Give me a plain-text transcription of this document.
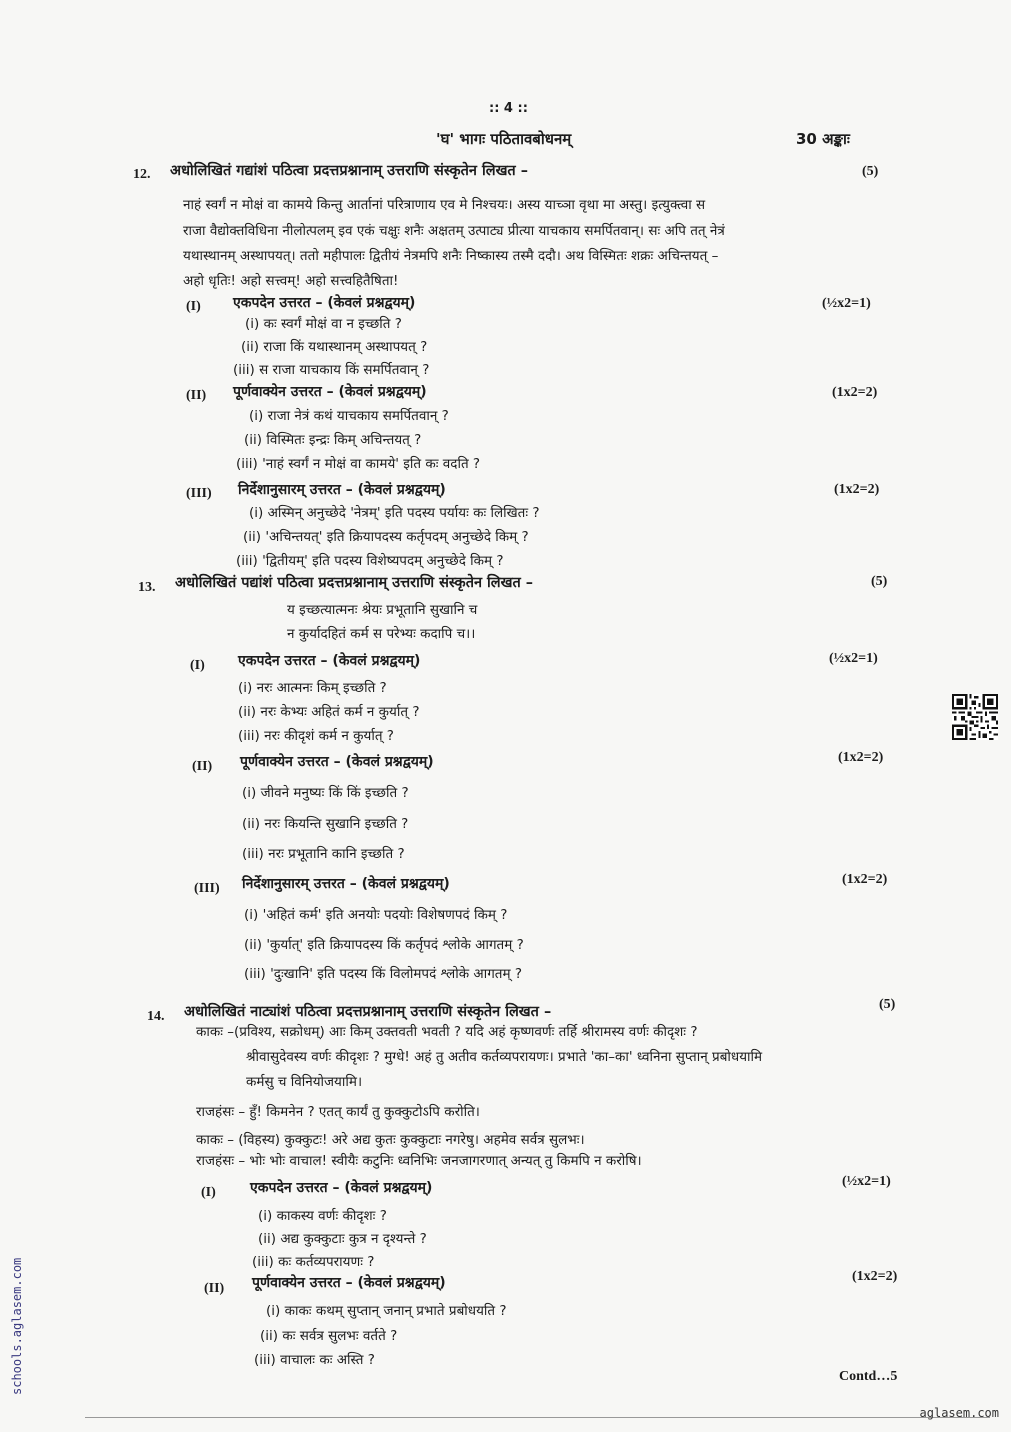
:: 4 ::
'घ' भागः पठितावबोधनम्	30 अङ्काः
12. अधोलिखितं गद्यांशं पठित्वा प्रदत्तप्रश्नानाम् उत्तराणि संस्कृतेन लिखत –	(5)
नाहं स्वर्गं न मोक्षं वा कामये किन्तु आर्तानां परित्राणाय एव मे निश्चयः। अस्य याच्ञा वृथा मा अस्तु। इत्युक्त्वा स
राजा वैद्योक्तविधिना नीलोत्पलम् इव एकं चक्षुः शनैः अक्षतम् उत्पाट्य प्रीत्या याचकाय समर्पितवान्। सः अपि तत् नेत्रं
यथास्थानम् अस्थापयत्। ततो महीपालः द्वितीयं नेत्रमपि शनैः निष्कास्य तस्मै ददौ। अथ विस्मितः शक्रः अचिन्तयत् –
अहो धृतिः! अहो सत्त्वम्! अहो सत्त्वहितैषिता!
(I) एकपदेन उत्तरत – (केवलं प्रश्नद्वयम्)	(½x2=1)
(i) कः स्वर्गं मोक्षं वा न इच्छति ?
(ii) राजा किं यथास्थानम् अस्थापयत् ?
(iii) स राजा याचकाय किं समर्पितवान् ?
(II) पूर्णवाक्येन उत्तरत – (केवलं प्रश्नद्वयम्)	(1x2=2)
(i) राजा नेत्रं कथं याचकाय समर्पितवान् ?
(ii) विस्मितः इन्द्रः किम् अचिन्तयत् ?
(iii) 'नाहं स्वर्गं न मोक्षं वा कामये' इति कः वदति ?
(III) निर्देशानुसारम् उत्तरत – (केवलं प्रश्नद्वयम्)	(1x2=2)
(i) अस्मिन् अनुच्छेदे 'नेत्रम्' इति पदस्य पर्यायः कः लिखितः ?
(ii) 'अचिन्तयत्' इति क्रियापदस्य कर्तृपदम् अनुच्छेदे किम् ?
(iii) 'द्वितीयम्' इति पदस्य विशेष्यपदम् अनुच्छेदे किम् ?
13. अधोलिखितं पद्यांशं पठित्वा प्रदत्तप्रश्नानाम् उत्तराणि संस्कृतेन लिखत –	(5)
य इच्छत्यात्मनः श्रेयः प्रभूतानि सुखानि च
न कुर्यादहितं कर्म स परेभ्यः कदापि च।।
(I) एकपदेन उत्तरत – (केवलं प्रश्नद्वयम्)	(½x2=1)
(i) नरः आत्मनः किम् इच्छति ?
(ii) नरः केभ्यः अहितं कर्म न कुर्यात् ?
(iii) नरः कीदृशं कर्म न कुर्यात् ?
(II) पूर्णवाक्येन उत्तरत – (केवलं प्रश्नद्वयम्)	(1x2=2)
(i) जीवने मनुष्यः किं किं इच्छति ?
(ii) नरः कियन्ति सुखानि इच्छति ?
(iii) नरः प्रभूतानि कानि इच्छति ?
(III) निर्देशानुसारम् उत्तरत – (केवलं प्रश्नद्वयम्)	(1x2=2)
(i) 'अहितं कर्म' इति अनयोः पदयोः विशेषणपदं किम् ?
(ii) 'कुर्यात्' इति क्रियापदस्य किं कर्तृपदं श्लोके आगतम् ?
(iii) 'दुःखानि' इति पदस्य किं विलोमपदं श्लोके आगतम् ?
14. अधोलिखितं नाट्यांशं पठित्वा प्रदत्तप्रश्नानाम् उत्तराणि संस्कृतेन लिखत –	(5)
काकः –(प्रविश्य, सक्रोधम्) आः किम् उक्तवती भवती ? यदि अहं कृष्णवर्णः तर्हि श्रीरामस्य वर्णः कीदृशः ?
श्रीवासुदेवस्य वर्णः कीदृशः ? मुग्धे! अहं तु अतीव कर्तव्यपरायणः। प्रभाते 'का–का' ध्वनिना सुप्तान् प्रबोधयामि
कर्मसु च विनियोजयामि।
राजहंसः – हुँ! किमनेन ? एतत् कार्यं तु कुक्कुटोऽपि करोति।
काकः – (विहस्य) कुक्कुटः! अरे अद्य कुतः कुक्कुटाः नगरेषु। अहमेव सर्वत्र सुलभः।
राजहंसः – भोः भोः वाचाल! स्वीयैः कटुनिः ध्वनिभिः जनजागरणात् अन्यत् तु किमपि न करोषि।
(I) एकपदेन उत्तरत – (केवलं प्रश्नद्वयम्)	(½x2=1)
(i) काकस्य वर्णः कीदृशः ?
(ii) अद्य कुक्कुटाः कुत्र न दृश्यन्ते ?
(iii) कः कर्तव्यपरायणः ?
(II) पूर्णवाक्येन उत्तरत – (केवलं प्रश्नद्वयम्)	(1x2=2)
(i) काकः कथम् सुप्तान् जनान् प्रभाते प्रबोधयति ?
(ii) कः सर्वत्र सुलभः वर्तते ?
(iii) वाचालः कः अस्ति ?
Contd…5
aglasem.com
schools.aglasem.com
